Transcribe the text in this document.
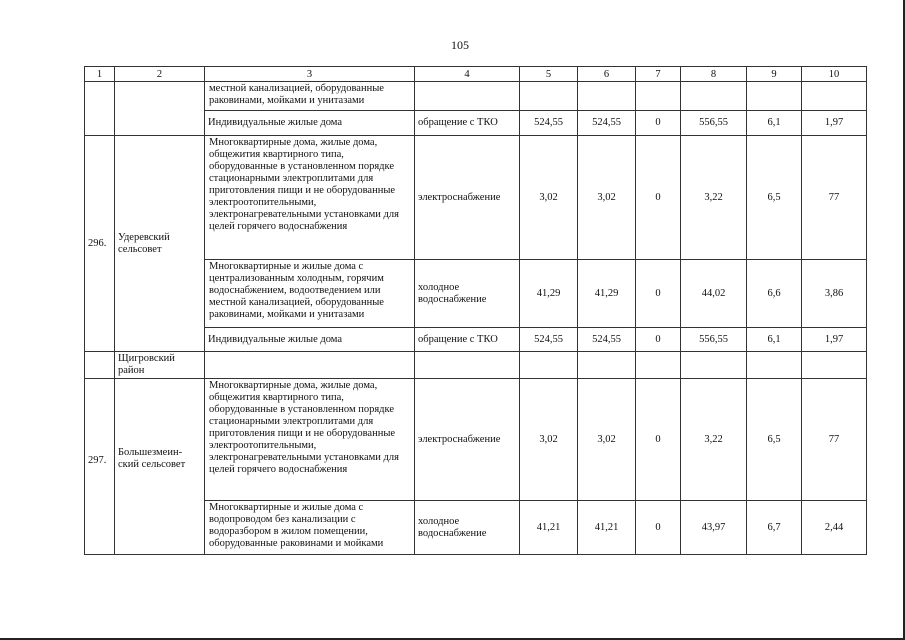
105
1	2	3	4	5	6	7	8	9	10
		местной канализацией, оборудованные раковинами, мойками и унитазами							
		Индивидуальные жилые дома	обращение с ТКО	524,55	524,55	0	556,55	6,1	1,97
296.	Удеревский сельсовет	Многоквартирные дома, жилые дома, общежития квартирного типа, оборудованные в установленном порядке стационарными электроплитами для приготовления пищи и не оборудованные электроотопительными, электронагревательными установками для целей горячего водоснабжения	электроснабжение	3,02	3,02	0	3,22	6,5	77
		Многоквартирные и жилые дома с централизованным холодным, горячим водоснабжением, водоотведением или местной канализацией, оборудованные раковинами, мойками и унитазами	холодное водоснабжение	41,29	41,29	0	44,02	6,6	3,86
		Индивидуальные жилые дома	обращение с ТКО	524,55	524,55	0	556,55	6,1	1,97
	Щигровский район								
297.	Большезмеин-ский сельсовет	Многоквартирные дома, жилые дома, общежития квартирного типа, оборудованные в установленном порядке стационарными электроплитами для приготовления пищи и не оборудованные электроотопительными, электронагревательными установками для целей горячего водоснабжения	электроснабжение	3,02	3,02	0	3,22	6,5	77
		Многоквартирные и жилые дома с водопроводом без канализации с водоразбором в жилом помещении, оборудованные раковинами и мойками	холодное водоснабжение	41,21	41,21	0	43,97	6,7	2,44
